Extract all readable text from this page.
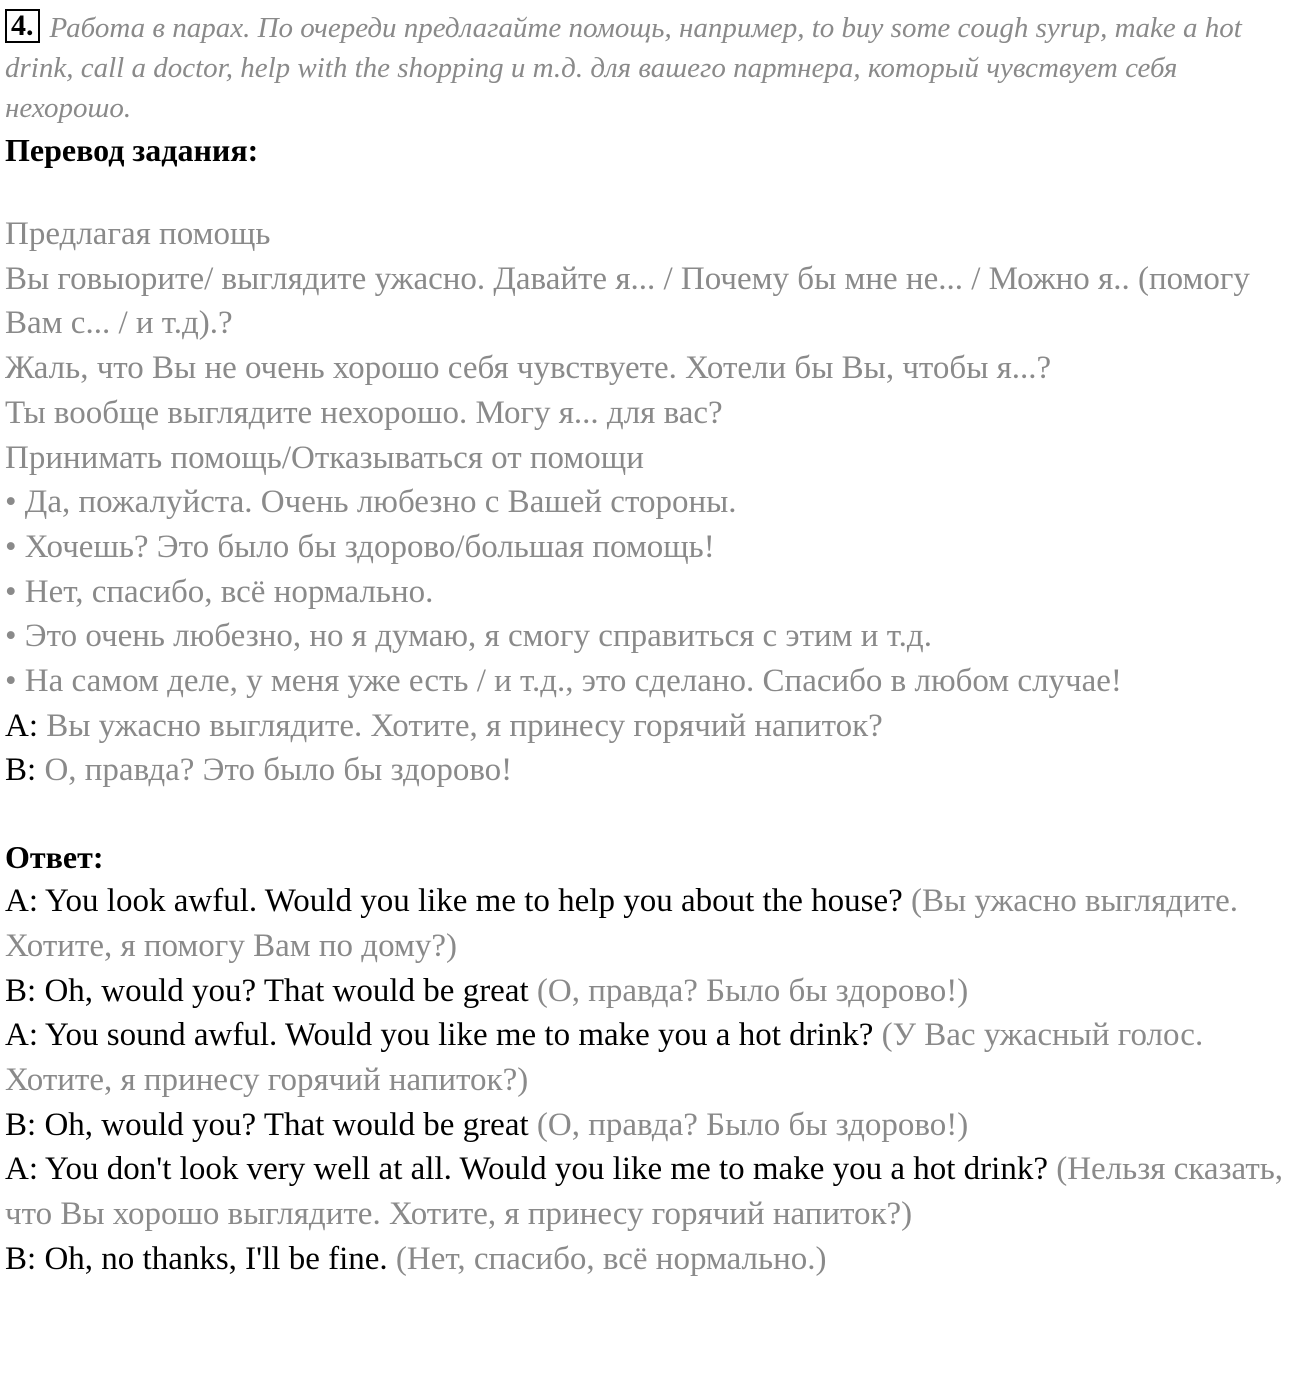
4. Работа в парах. По очереди предлагайте помощь, например, to buy some cough syrup, make a hot drink, call a doctor, help with the shopping и т.д. для вашего партнера, который чувствует себя нехорошо.

Перевод задания:

Предлагая помощь

Вы говыорите/ выглядите ужасно. Давайте я... / Почему бы мне не... / Можно я.. (помогу Вам с... / и т.д).?

Жаль, что Вы не очень хорошо себя чувствуете. Хотели бы Вы, чтобы я...?

Ты вообще выглядите нехорошо. Могу я... для вас?

Принимать помощь/Отказываться от помощи

• Да, пожалуйста. Очень любезно с Вашей стороны.

• Хочешь? Это было бы здорово/большая помощь!

• Нет, спасибо, всё нормально.

• Это очень любезно, но я думаю, я смогу справиться с этим и т.д.

• На самом деле, у меня уже есть / и т.д., это сделано. Спасибо в любом случае!

A: Вы ужасно выглядите. Хотите, я принесу горячий напиток?

B: О, правда? Это было бы здорово!

Ответ:

A: You look awful. Would you like me to help you about the house? (Вы ужасно выглядите. Хотите, я помогу Вам по дому?)

B: Oh, would you? That would be great (О, правда? Было бы здорово!)

A: You sound awful. Would you like me to make you a hot drink? (У Вас ужасный голос. Хотите, я принесу горячий напиток?)

B: Oh, would you? That would be great (О, правда? Было бы здорово!)

A: You don't look very well at all. Would you like me to make you a hot drink? (Нельзя сказать, что Вы хорошо выглядите. Хотите, я принесу горячий напиток?)

B: Oh, no thanks, I'll be fine. (Нет, спасибо, всё нормально.)
